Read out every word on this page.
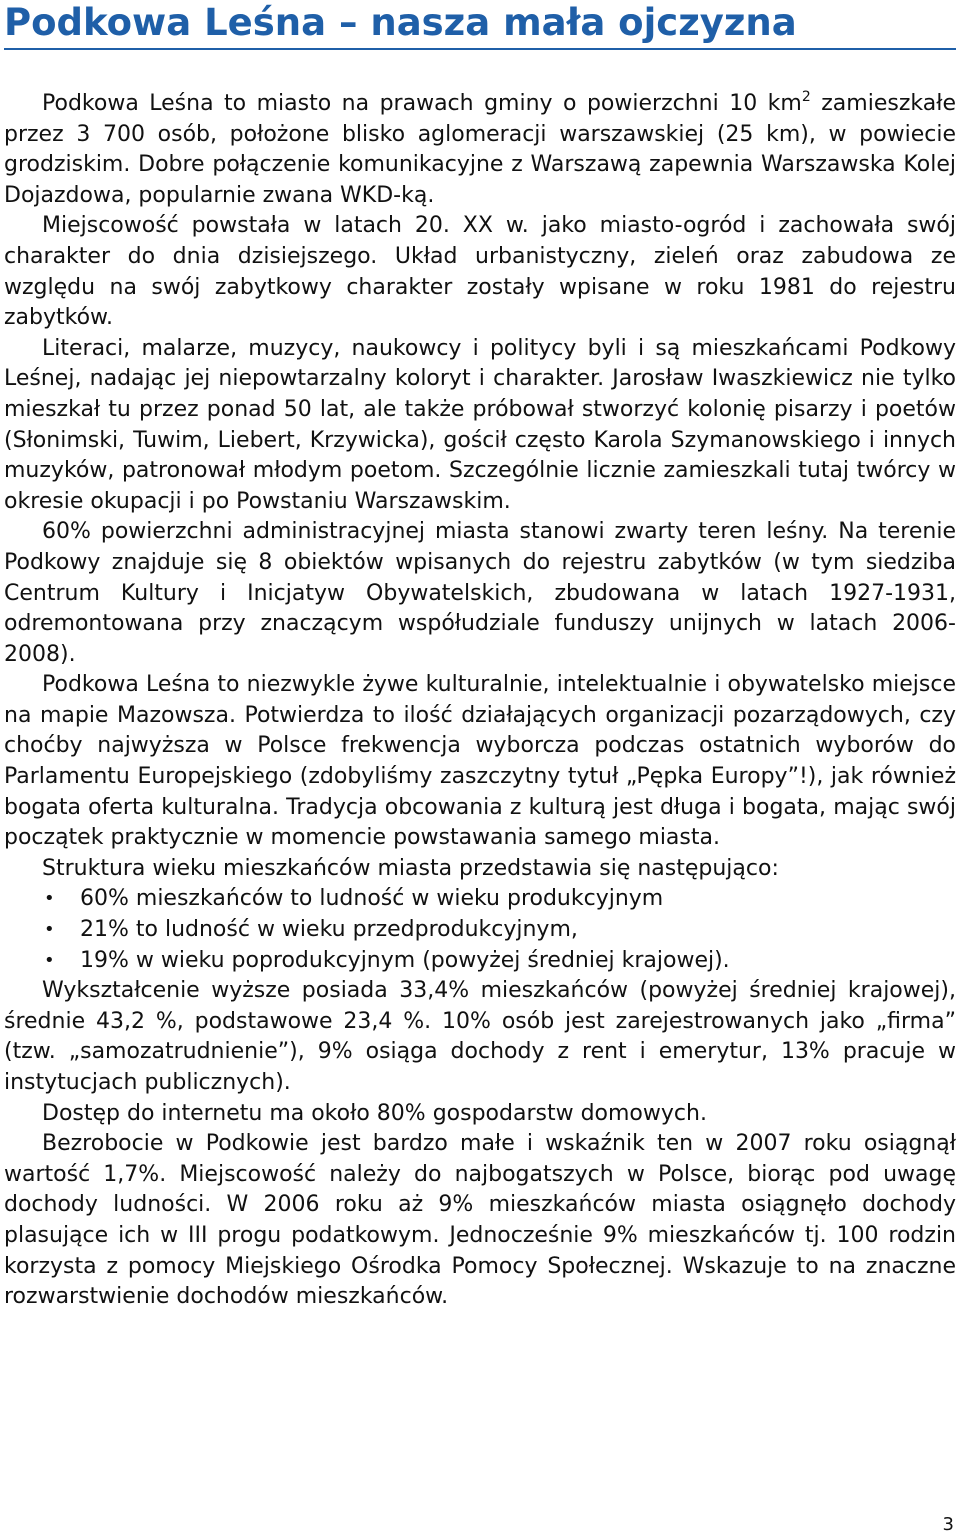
Podkowa Leśna – nasza mała ojczyzna

Podkowa Leśna to miasto na prawach gminy o powierzchni 10 $km^2$ zamieszkałe przez 3 700 osób, położone blisko aglomeracji warszawskiej (25 km), w powiecie grodziskim. Dobre połączenie komunikacyjne z Warszawą zapewnia Warszawska Kolej Dojazdowa, popularnie zwana WKD-ką.

Miejscowość powstała w latach 20. XX w. jako miasto-ogród i zachowała swój charakter do dnia dzisiejszego. Układ urbanistyczny, zieleń oraz zabudowa ze względu na swój zabytkowy charakter zostały wpisane w roku 1981 do rejestru zabytków.

Literaci, malarze, muzycy, naukowcy i politycy byli i są mieszkańcami Podkowy Leśnej, nadając jej niepowtarzalny koloryt i charakter. Jarosław Iwaszkiewicz nie tylko mieszkał tu przez ponad 50 lat, ale także próbował stworzyć kolonię pisarzy i poetów (Słonimski, Tuwim, Liebert, Krzywicka), gościł często Karola Szymanowskiego i innych muzyków, patronował młodym poetom. Szczególnie licznie zamieszkali tutaj twórcy w okresie okupacji i po Powstaniu Warszawskim.

60% powierzchni administracyjnej miasta stanowi zwarty teren leśny. Na terenie Podkowy znajduje się 8 obiektów wpisanych do rejestru zabytków (w tym siedziba Centrum Kultury i Inicjatyw Obywatelskich, zbudowana w latach 1927-1931, odremontowana przy znaczącym współudziale funduszy unijnych w latach 2006-2008).

Podkowa Leśna to niezwykle żywe kulturalnie, intelektualnie i obywatelsko miejsce na mapie Mazowsza. Potwierdza to ilość działających organizacji pozarządowych, czy choćby najwyższa w Polsce frekwencja wyborcza podczas ostatnich wyborów do Parlamentu Europejskiego (zdobyliśmy zaszczytny tytuł „Pępka Europy”!), jak również bogata oferta kulturalna. Tradycja obcowania z kulturą jest długa i bogata, mając swój początek praktycznie w momencie powstawania samego miasta.

Struktura wieku mieszkańców miasta przedstawia się następująco:

• 60% mieszkańców to ludność w wieku produkcyjnym
• 21% to ludność w wieku przedprodukcyjnym,
• 19% w wieku poprodukcyjnym (powyżej średniej krajowej).

Wykształcenie wyższe posiada 33,4% mieszkańców (powyżej średniej krajowej), średnie 43,2 %, podstawowe 23,4 %. 10% osób jest zarejestrowanych jako „firma” (tzw. „samozatrudnienie”), 9% osiąga dochody z rent i emerytur, 13% pracuje w instytucjach publicznych).

Dostęp do internetu ma około 80% gospodarstw domowych.

Bezrobocie w Podkowie jest bardzo małe i wskaźnik ten w 2007 roku osiągnął wartość 1,7%. Miejscowość należy do najbogatszych w Polsce, biorąc pod uwagę dochody ludności. W 2006 roku aż 9% mieszkańców miasta osiągnęło dochody plasujące ich w III progu podatkowym. Jednocześnie 9% mieszkańców tj. 100 rodzin korzysta z pomocy Miejskiego Ośrodka Pomocy Społecznej. Wskazuje to na znaczne rozwarstwienie dochodów mieszkańców.

3
